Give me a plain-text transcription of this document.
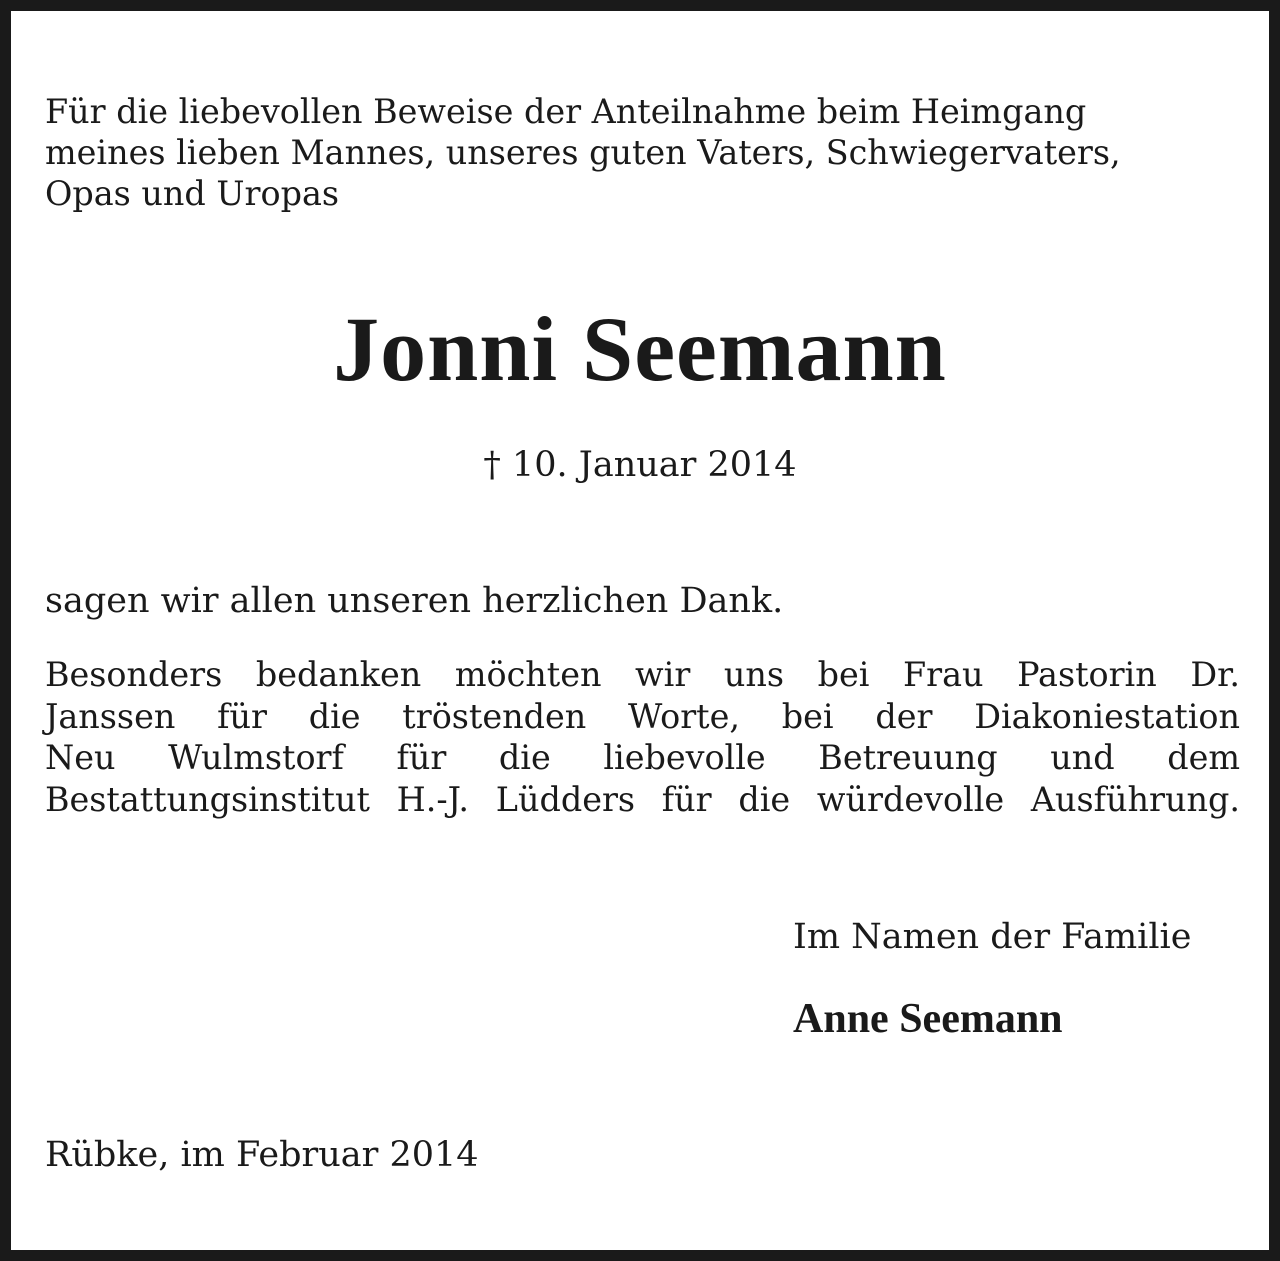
Für die liebevollen Beweise der Anteilnahme beim Heimgang
meines lieben Mannes, unseres guten Vaters, Schwiegervaters,
Opas und Uropas

Jonni Seemann
† 10. Januar 2014

sagen wir allen unseren herzlichen Dank.

Besonders bedanken möchten wir uns bei Frau Pastorin Dr.
Janssen für die tröstenden Worte, bei der Diakoniestation
Neu Wulmstorf für die liebevolle Betreuung und dem
Bestattungsinstitut H.-J. Lüdders für die würdevolle Ausführung.

Im Namen der Familie
Anne Seemann
Rübke, im Februar 2014
